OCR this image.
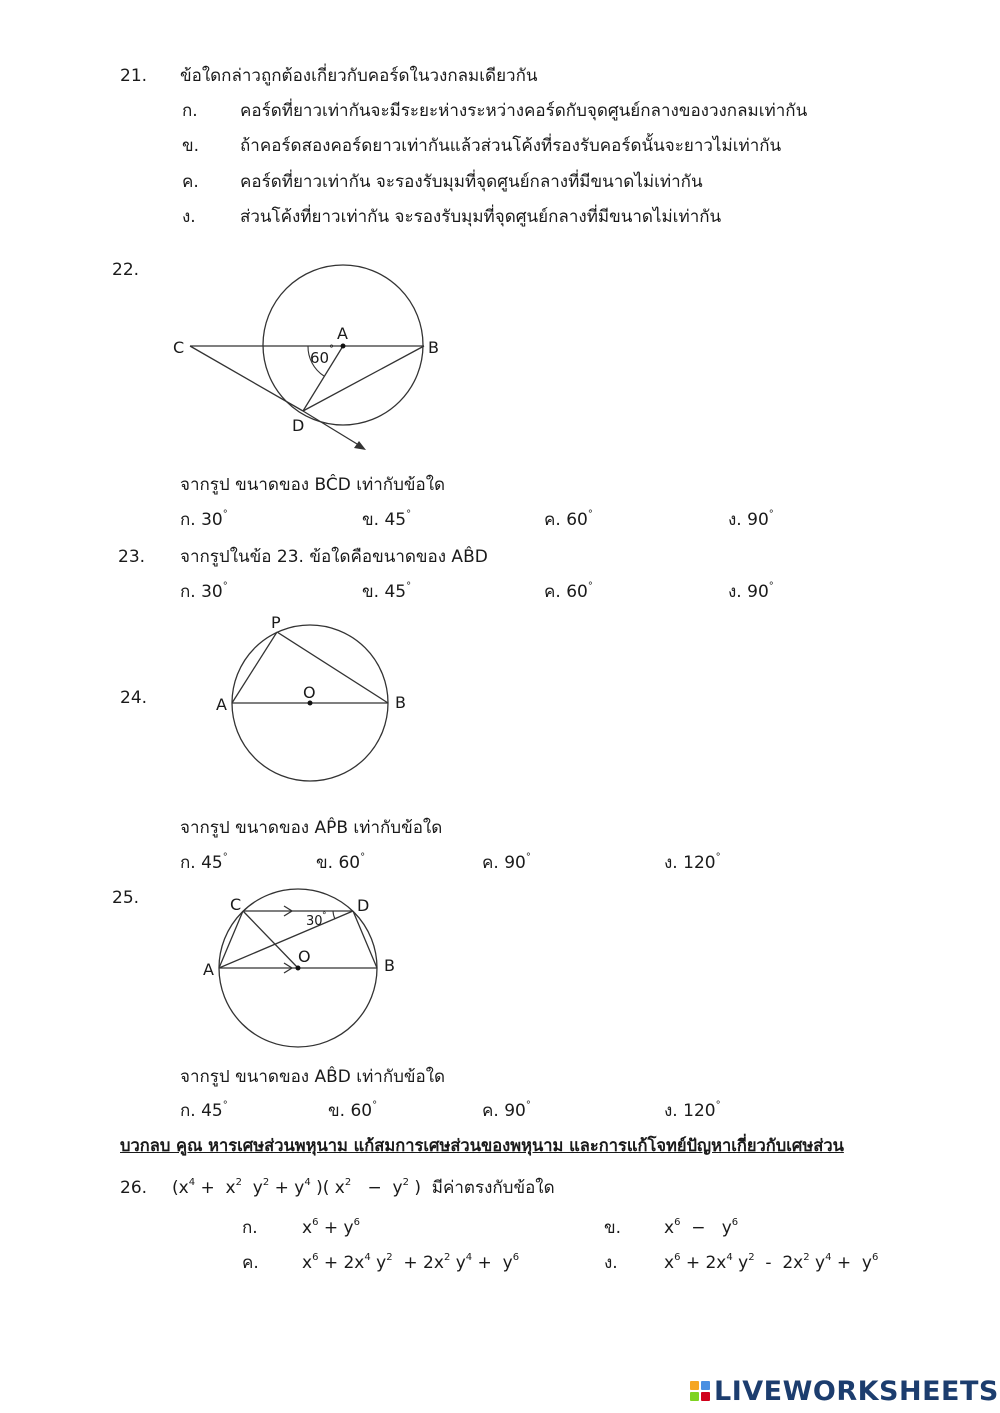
21. ข้อใดกล่าวถูกต้องเกี่ยวกับคอร์ดในวงกลมเดียวกัน
ก. คอร์ดที่ยาวเท่ากันจะมีระยะห่างระหว่างคอร์ดกับจุดศูนย์กลางของวงกลมเท่ากัน
ข. ถ้าคอร์ดสองคอร์ดยาวเท่ากันแล้วส่วนโค้งที่รองรับคอร์ดนั้นจะยาวไม่เท่ากัน
ค. คอร์ดที่ยาวเท่ากัน จะรองรับมุมที่จุดศูนย์กลางที่มีขนาดไม่เท่ากัน
ง.	ส่วนโค้งที่ยาวเท่ากัน จะรองรับมุมที่จุดศูนย์กลางที่มีขนาดไม่เท่ากัน
22.
C
A
B
D
60 °
จากรูป ขนาดของ BĈD เท่ากับข้อใด
ก. 30°	ข. 45°	ค. 60°	ง. 90°
23. จากรูปในข้อ 23. ข้อใดคือขนาดของ AB̂D
ก. 30°	ข. 45°	ค. 60°	ง. 90°
24.
P
O
A	B
จากรูป ขนาดของ AP̂B เท่ากับข้อใด
ก. 45°	ข. 60°	ค. 90°	ง. 120°
25.	C	D
A
O	B
30 °
จากรูป ขนาดของ AB̂D เท่ากับข้อใด
ก. 45°	ข. 60°	ค. 90°	ง. 120°
บวกลบ คูณ หารเศษส่วนพหุนาม แก้สมการเศษส่วนของพหุนาม และการแก้โจทย์ปัญหาเกี่ยวกับเศษส่วน
26. ($x^4 + x^2$  $y^2 + y^4$ )( $x^2 - y^2$ )  มีค่าตรงกับข้อใด
ก.	$x^6 + y^6$	ข.	$x^6 - y^6$
ค.	$x^6 + 2x^4$ $y^2 + 2x^2$ $y^4 + y^6$	ง.	$x^6 + 2x^4$ $y^2 - 2x^2$ $y^4 + y^6$
LIVEWORKSHEETS
